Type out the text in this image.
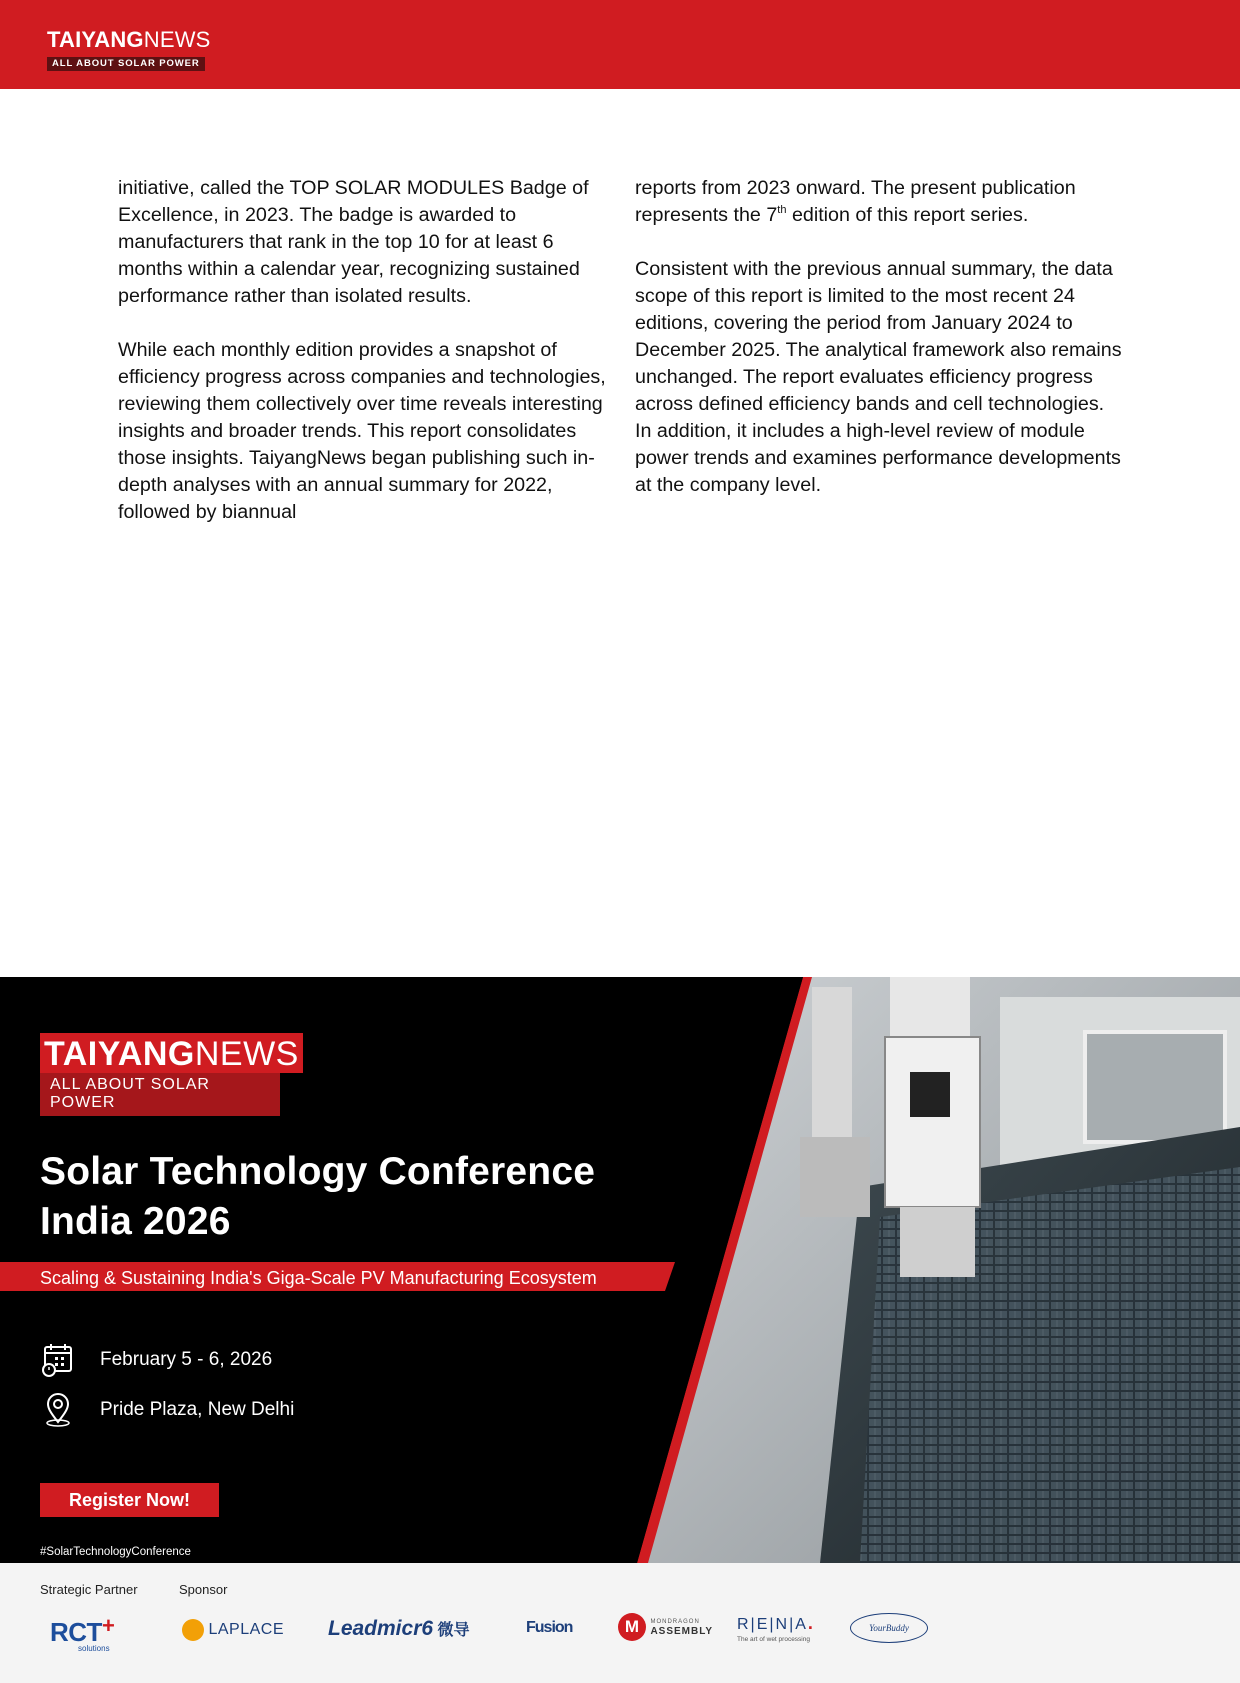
TAIYANGNEWS
ALL ABOUT SOLAR POWER

initiative, called the TOP SOLAR MODULES Badge of Excellence, in 2023. The badge is awarded to manufacturers that rank in the top 10 for at least 6 months within a calendar year, recognizing sustained performance rather than isolated results.

While each monthly edition provides a snapshot of efficiency progress across companies and technologies, reviewing them collectively over time reveals interesting insights and broader trends. This report consolidates those insights. TaiyangNews began publishing such in-depth analyses with an annual summary for 2022, followed by biannual

reports from 2023 onward. The present publication represents the 7th edition of this report series.

Consistent with the previous annual summary, the data scope of this report is limited to the most recent 24 editions, covering the period from January 2024 to December 2025. The analytical framework also remains unchanged. The report evaluates efficiency progress across defined efficiency bands and cell technologies. In addition, it includes a high-level review of module power trends and examines performance developments at the company level.

TAIYANGNEWS
ALL ABOUT SOLAR POWER
Solar Technology Conference
India 2026
Scaling & Sustaining India's Giga-Scale PV Manufacturing Ecosystem
February 5 - 6, 2026
Pride Plaza, New Delhi
Register Now!
#SolarTechnologyConference
Strategic Partner	Sponsor
RCT+
solutions
LAPLACE Leadmicr6 微导	Fusion	M MONDRAGON
ASSEMBLY R|E|N|A.
The art of wet processing
YourBuddy
